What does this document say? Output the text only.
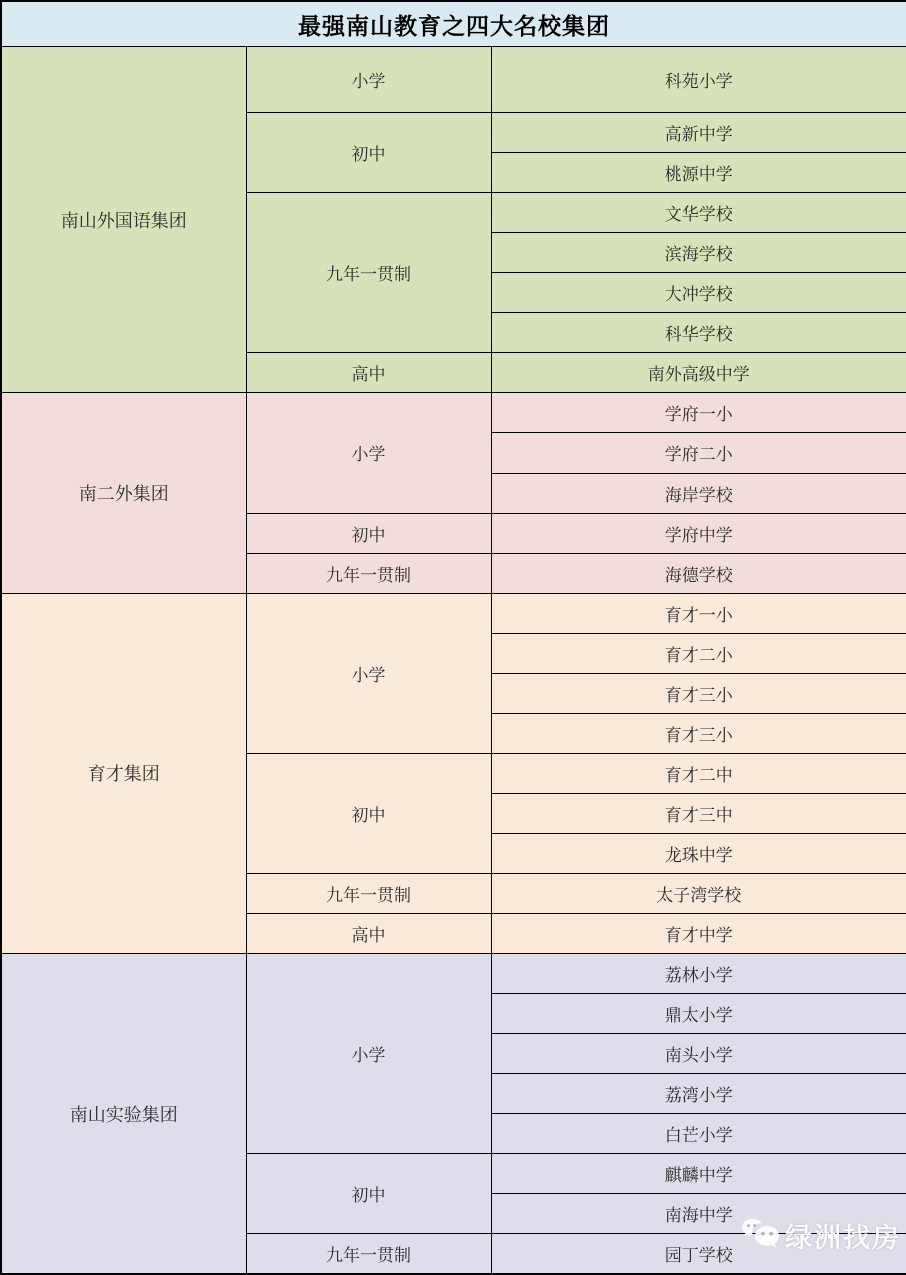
最强南山教育之四大名校集团		
南山外国语集团	小学	科苑小学
	初中	高新中学
		桃源中学
	九年一贯制	文华学校
		滨海学校
		大冲学校
		科华学校
	高中	南外高级中学
南二外集团	小学	学府一小
		学府二小
		海岸学校
	初中	学府中学
	九年一贯制	海德学校
育才集团	小学	育才一小
		育才二小
		育才三小
		育才三小
	初中	育才二中
		育才三中
		龙珠中学
	九年一贯制	太子湾学校
	高中	育才中学
南山实验集团	小学	荔林小学
		鼎太小学
		南头小学
		荔湾小学
		白芒小学
	初中	麒麟中学
		南海中学
	九年一贯制	园丁学校
绿洲找房
